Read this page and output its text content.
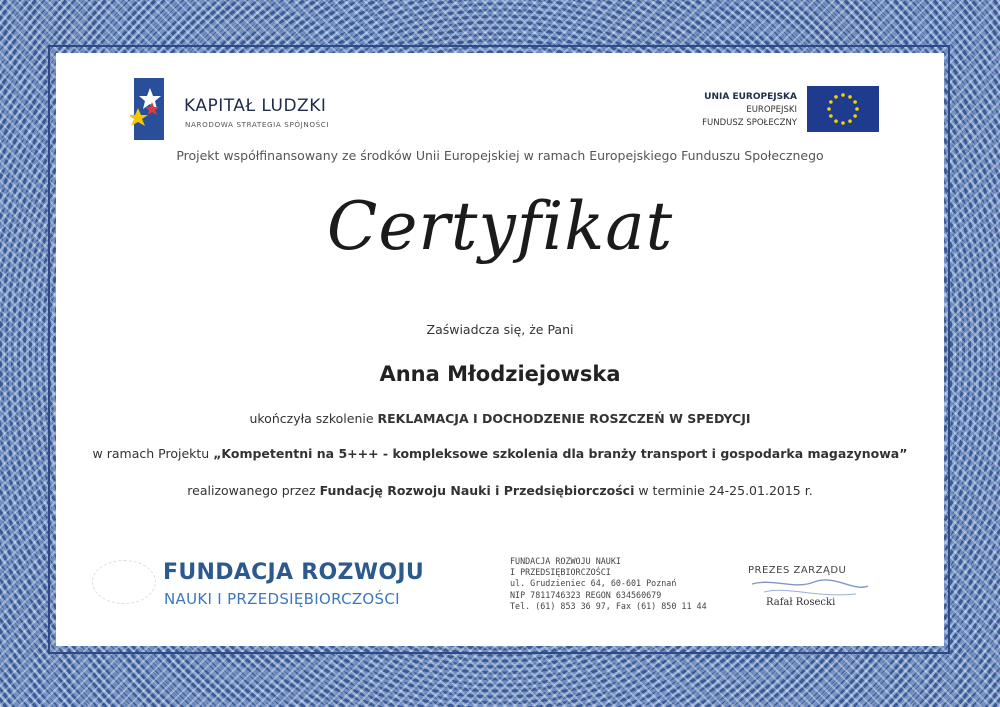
KAPITAŁ LUDZKI
NARODOWA STRATEGIA SPÓJNOŚCI
UNIA EUROPEJSKA
EUROPEJSKI
FUNDUSZ SPOŁECZNY
Projekt współfinansowany ze środków Unii Europejskiej w ramach Europejskiego Funduszu Społecznego
Certyfikat
Zaświadcza się, że Pani
Anna Młodziejowska
ukończyła szkolenie REKLAMACJA I DOCHODZENIE ROSZCZEŃ W SPEDYCJI
w ramach Projektu „Kompetentni na 5+++ - kompleksowe szkolenia dla branży transport i gospodarka magazynowa”
realizowanego przez Fundację Rozwoju Nauki i Przedsiębiorczości w terminie 24-25.01.2015 r.
FUNDACJA ROZWOJU
NAUKI I PRZEDSIĘBIORCZOŚCI
FUNDACJA ROZWOJU NAUKI
I PRZEDSIĘBIORCZOŚCI
ul. Grudzieniec 64, 60-601 Poznań
NIP 7811746323 REGON 634560679
Tel. (61) 853 36 97, Fax (61) 850 11 44
PREZES ZARZĄDU
Rafał Rosecki
